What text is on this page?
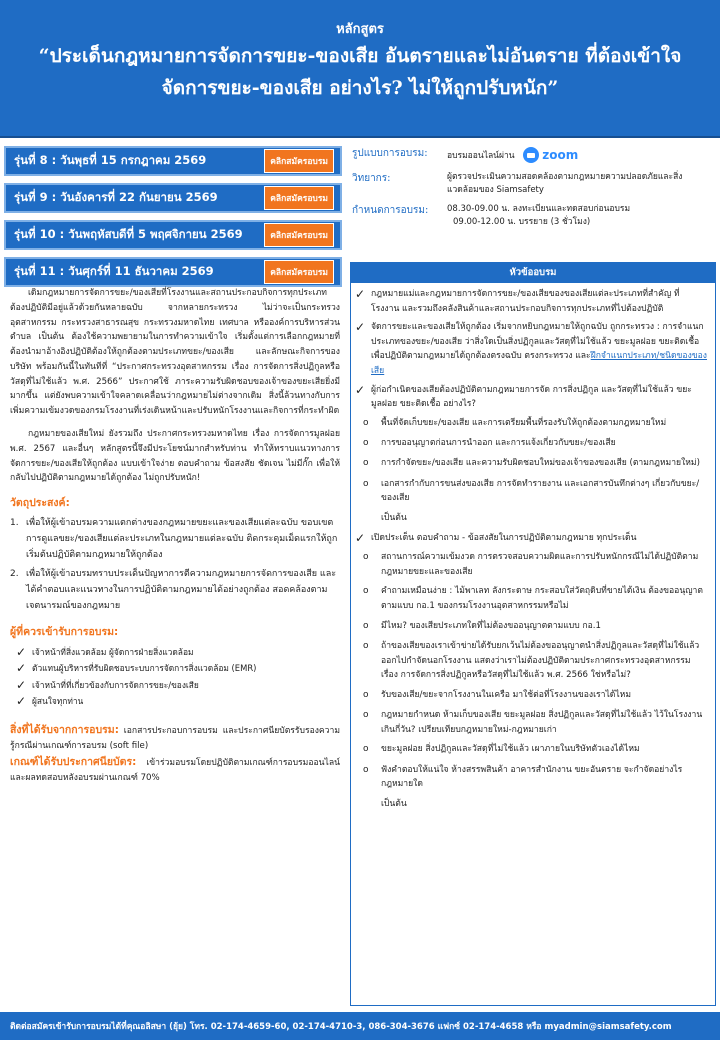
หลักสูตร
“ประเด็นกฎหมายการจัดการขยะ-ของเสีย อันตรายและไม่อันตราย ที่ต้องเข้าใจ
จัดการขยะ-ของเสีย อย่างไร? ไม่ให้ถูกปรับหนัก”
รุ่นที่ 8 : วันพุธที่ 15 กรกฎาคม 2569	คลิกสมัครอบรม
รุ่นที่ 9 : วันอังคารที่ 22 กันยายน 2569	คลิกสมัครอบรม
รุ่นที่ 10 : วันพฤหัสบดีที่ 5 พฤศจิกายน 2569	คลิกสมัครอบรม
รุ่นที่ 11 : วันศุกร์ที่ 11 ธันวาคม 2569	คลิกสมัครอบรม
รูปแบบการอบรม:	อบรมออนไลน์ผ่าน zoom
วิทยากร:	ผู้ตรวจประเมินความสอดคล้องตามกฎหมายความปลอดภัยและสิ่งแวดล้อมของ Siamsafety
กำหนดการอบรม:	08.30-09.00 น. ลงทะเบียนและทดสอบก่อนอบรม
09.00-12.00 น. บรรยาย (3 ชั่วโมง)

เดิมกฎหมายการจัดการขยะ/ของเสียที่โรงงานและสถานประกอบกิจการทุกประเภทต้องปฏิบัติมีอยู่แล้วด้วยกันหลายฉบับ จากหลายกระทรวง ไม่ว่าจะเป็นกระทรวงอุตสาหกรรม กระทรวงสาธารณสุข กระทรวงมหาดไทย เทศบาล หรือองค์การบริหารส่วนตำบล เป็นต้น ต้องใช้ความพยายามในการทำความเข้าใจ เริ่มตั้งแต่การเลือกกฎหมายที่ต้องนำมาอ้างอิงปฏิบัติต้องให้ถูกต้องตามประเภทขยะ/ของเสีย และลักษณะกิจการของบริษัท พร้อมกันนี้ในทันทีที่ “ประกาศกระทรวงอุตสาหกรรม เรื่อง การจัดการสิ่งปฏิกูลหรือวัสดุที่ไม่ใช้แล้ว พ.ศ. 2566” ประกาศใช้ ภาระความรับผิดชอบของเจ้าของขยะเสียยิ่งมีมากขึ้น แต่ยังพบความเข้าใจคลาดเคลื่อนว่ากฎหมายไม่ต่างจากเดิม สิ่งนี้ล้วนทางกับการเพิ่มความเข้มงวดของกรมโรงงานที่เร่งเดินหน้าและปรับหนักโรงงานและกิจการที่กระทำผิด

กฎหมายของเสียใหม่ ยังรวมถึง ประกาศกระทรวงมหาดไทย เรื่อง การจัดการมูลฝอย พ.ศ. 2567 และอื่นๆ หลักสูตรนี้จึงมีประโยชน์มากสำหรับท่าน ทำให้ทราบแนวทางการจัดการขยะ/ของเสียให้ถูกต้อง แบบเข้าใจง่าย ตอบคำถาม ข้อสงสัย ชัดเจน ไม่มีกั๊ก เพื่อให้กลับไปปฏิบัติตามกฎหมายได้ถูกต้อง ไม่ถูกปรับหนัก!

วัตถุประสงค์:
1. เพื่อให้ผู้เข้าอบรมความแตกต่างของกฎหมายขยะและของเสียแต่ละฉบับ ขอบเขตการดูแลขยะ/ของเสียแต่ละประเภทในกฎหมายแต่ละฉบับ ติดกระดุมเม็ดแรกให้ถูก เริ่มต้นปฏิบัติตามกฎหมายให้ถูกต้อง
2. เพื่อให้ผู้เข้าอบรมทราบประเด็นปัญหาการตีความกฎหมายการจัดการของเสีย และได้คำตอบและแนวทางในการปฏิบัติตามกฎหมายได้อย่างถูกต้อง สอดคล้องตามเจตนารมณ์ของกฎหมาย
ผู้ที่ควรเข้ารับการอบรม:
✓ เจ้าหน้าที่สิ่งแวดล้อม ผู้จัดการฝ่ายสิ่งแวดล้อม
✓ ตัวแทนผู้บริหารที่รับผิดชอบระบบการจัดการสิ่งแวดล้อม (EMR)
✓ เจ้าหน้าที่ที่เกี่ยวข้องกับการจัดการขยะ/ของเสีย
✓ ผู้สนใจทุกท่าน

สิ่งที่ได้รับจากการอบรม: เอกสารประกอบการอบรม และประกาศนียบัตรรับรองความรู้กรณีผ่านเกณฑ์การอบรม (soft file)
เกณฑ์ได้รับประกาศนียบัตร: เข้าร่วมอบรมโดยปฏิบัติตามเกณฑ์การอบรมออนไลน์และผลทดสอบหลังอบรมผ่านเกณฑ์ 70%

หัวข้ออบรม
✓ กฎหมายแม่และกฎหมายการจัดการขยะ/ของเสียของของเสียแต่ละประเภทที่สำคัญ ที่โรงงาน และรวมถึงคลังสินค้าและสถานประกอบกิจการทุกประเภทที่ไปต้องปฏิบัติ
✓ จัดการขยะและของเสียให้ถูกต้อง เริ่มจากหยิบกฎหมายให้ถูกฉบับ ถูกกระทรวง : การจำแนกประเภทของขยะ/ของเสีย ว่าสิ่งใดเป็นสิ่งปฏิกูลและวัสดุที่ไม่ใช้แล้ว ขยะมูลฝอย ขยะติดเชื้อ เพื่อปฏิบัติตามกฎหมายได้ถูกต้องตรงฉบับ ตรงกระทรวง และฝึกจำแนกประเภท/ชนิดของของเสีย
✓ ผู้ก่อกำเนิดของเสียต้องปฏิบัติตามกฎหมายการจัด การสิ่งปฏิกูล และวัสดุที่ไม่ใช้แล้ว ขยะมูลฝอย ขยะติดเชื้อ อย่างไร?
o	พื้นที่จัดเก็บขยะ/ของเสีย และการเตรียมพื้นที่รองรับให้ถูกต้องตามกฎหมายใหม่
o	การขออนุญาตก่อนการนำออก และการแจ้งเกี่ยวกับขยะ/ของเสีย
o	การกำจัดขยะ/ของเสีย และความรับผิดชอบใหม่ของเจ้าของของเสีย (ตามกฎหมายใหม่)
o	เอกสารกำกับการขนส่งของเสีย การจัดทำรายงาน และเอกสารบันทึกต่างๆ เกี่ยวกับขยะ/ของเสีย
เป็นต้น
✓ เปิดประเด็น ตอบคำถาม - ข้อสงสัยในการปฏิบัติตามกฎหมาย ทุกประเด็น
o	สถานการณ์ความเข้มงวด การตรวจสอบความผิดและการปรับหนักกรณีไม่ได้ปฏิบัติตามกฎหมายขยะและของเสีย
o	คำถามเหมือนง่าย : ไม้พาเลท ลังกระดาษ กระสอบใส่วัตถุดิบที่ขายได้เงิน ต้องขออนุญาตตามแบบ กอ.1 ของกรมโรงงานอุตสาหกรรมหรือไม่
o	มีไหม? ของเสียประเภทใดที่ไม่ต้องขออนุญาตตามแบบ กอ.1
o	ถ้าของเสียของเราเข้าข่ายได้รับยกเว้นไม่ต้องขออนุญาตนำสิ่งปฏิกูลและวัสดุที่ไม่ใช้แล้วออกไปกำจัดนอกโรงงาน แสดงว่าเราไม่ต้องปฏิบัติตามประกาศกระทรวงอุตสาหกรรม เรื่อง การจัดการสิ่งปฏิกูลหรือวัสดุที่ไม่ใช้แล้ว พ.ศ. 2566 ใช่หรือไม่?
o	รับของเสีย/ขยะจากโรงงานในเครือ มาใช้ต่อที่โรงงานของเราได้ไหม
o	กฎหมายกำหนด ห้ามเก็บของเสีย ขยะมูลฝอย สิ่งปฏิกูลและวัสดุที่ไม่ใช้แล้ว ไว้ในโรงงาน เกินกี่วัน? เปรียบเทียบกฎหมายใหม่-กฎหมายเก่า
o	ขยะมูลฝอย สิ่งปฏิกูลและวัสดุที่ไม่ใช้แล้ว เผาภายในบริษัทตัวเองได้ไหม
o	ฟังคำตอบให้แน่ใจ ห้างสรรพสินค้า อาคารสำนักงาน ขยะอันตราย จะกำจัดอย่างไร กฎหมายใด
เป็นต้น
ติดต่อสมัครเข้ารับการอบรมได้ที่คุณอลิสษา (ยุ้ย) โทร. 02-174-4659-60, 02-174-4710-3, 086-304-3676 แฟกซ์ 02-174-4658 หรือ myadmin@siamsafety.com
